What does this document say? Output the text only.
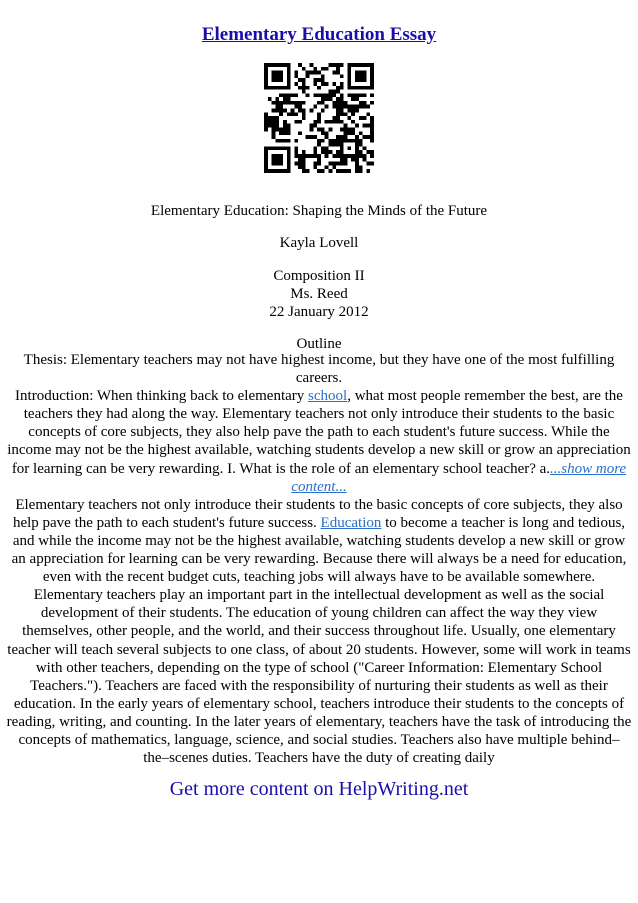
Elementary Education Essay
Elementary Education: Shaping the Minds of the Future
Kayla Lovell
Composition II
Ms. Reed
22 January 2012
Outline

Thesis: Elementary teachers may not have highest income, but they have one of the most fulfilling careers.

Introduction: When thinking back to elementary school, what most people remember the best, are the teachers they had along the way. Elementary teachers not only introduce their students to the basic concepts of core subjects, they also help pave the path to each student's future success. While the income may not be the highest available, watching students develop a new skill or grow an appreciation for learning can be very rewarding. I. What is the role of an elementary school teacher? a....show more content...

Elementary teachers not only introduce their students to the basic concepts of core subjects, they also help pave the path to each student's future success. Education to become a teacher is long and tedious, and while the income may not be the highest available, watching students develop a new skill or grow an appreciation for learning can be very rewarding. Because there will always be a need for education, even with the recent budget cuts, teaching jobs will always have to be available somewhere.

Elementary teachers play an important part in the intellectual development as well as the social development of their students. The education of young children can affect the way they view themselves, other people, and the world, and their success throughout life. Usually, one elementary teacher will teach several subjects to one class, of about 20 students. However, some will work in teams with other teachers, depending on the type of school ("Career Information: Elementary School Teachers."). Teachers are faced with the responsibility of nurturing their students as well as their education. In the early years of elementary school, teachers introduce their students to the concepts of reading, writing, and counting. In the later years of elementary, teachers have the task of introducing the concepts of mathematics, language, science, and social studies. Teachers also have multiple behind–the–scenes duties. Teachers have the duty of creating daily

Get more content on HelpWriting.net
